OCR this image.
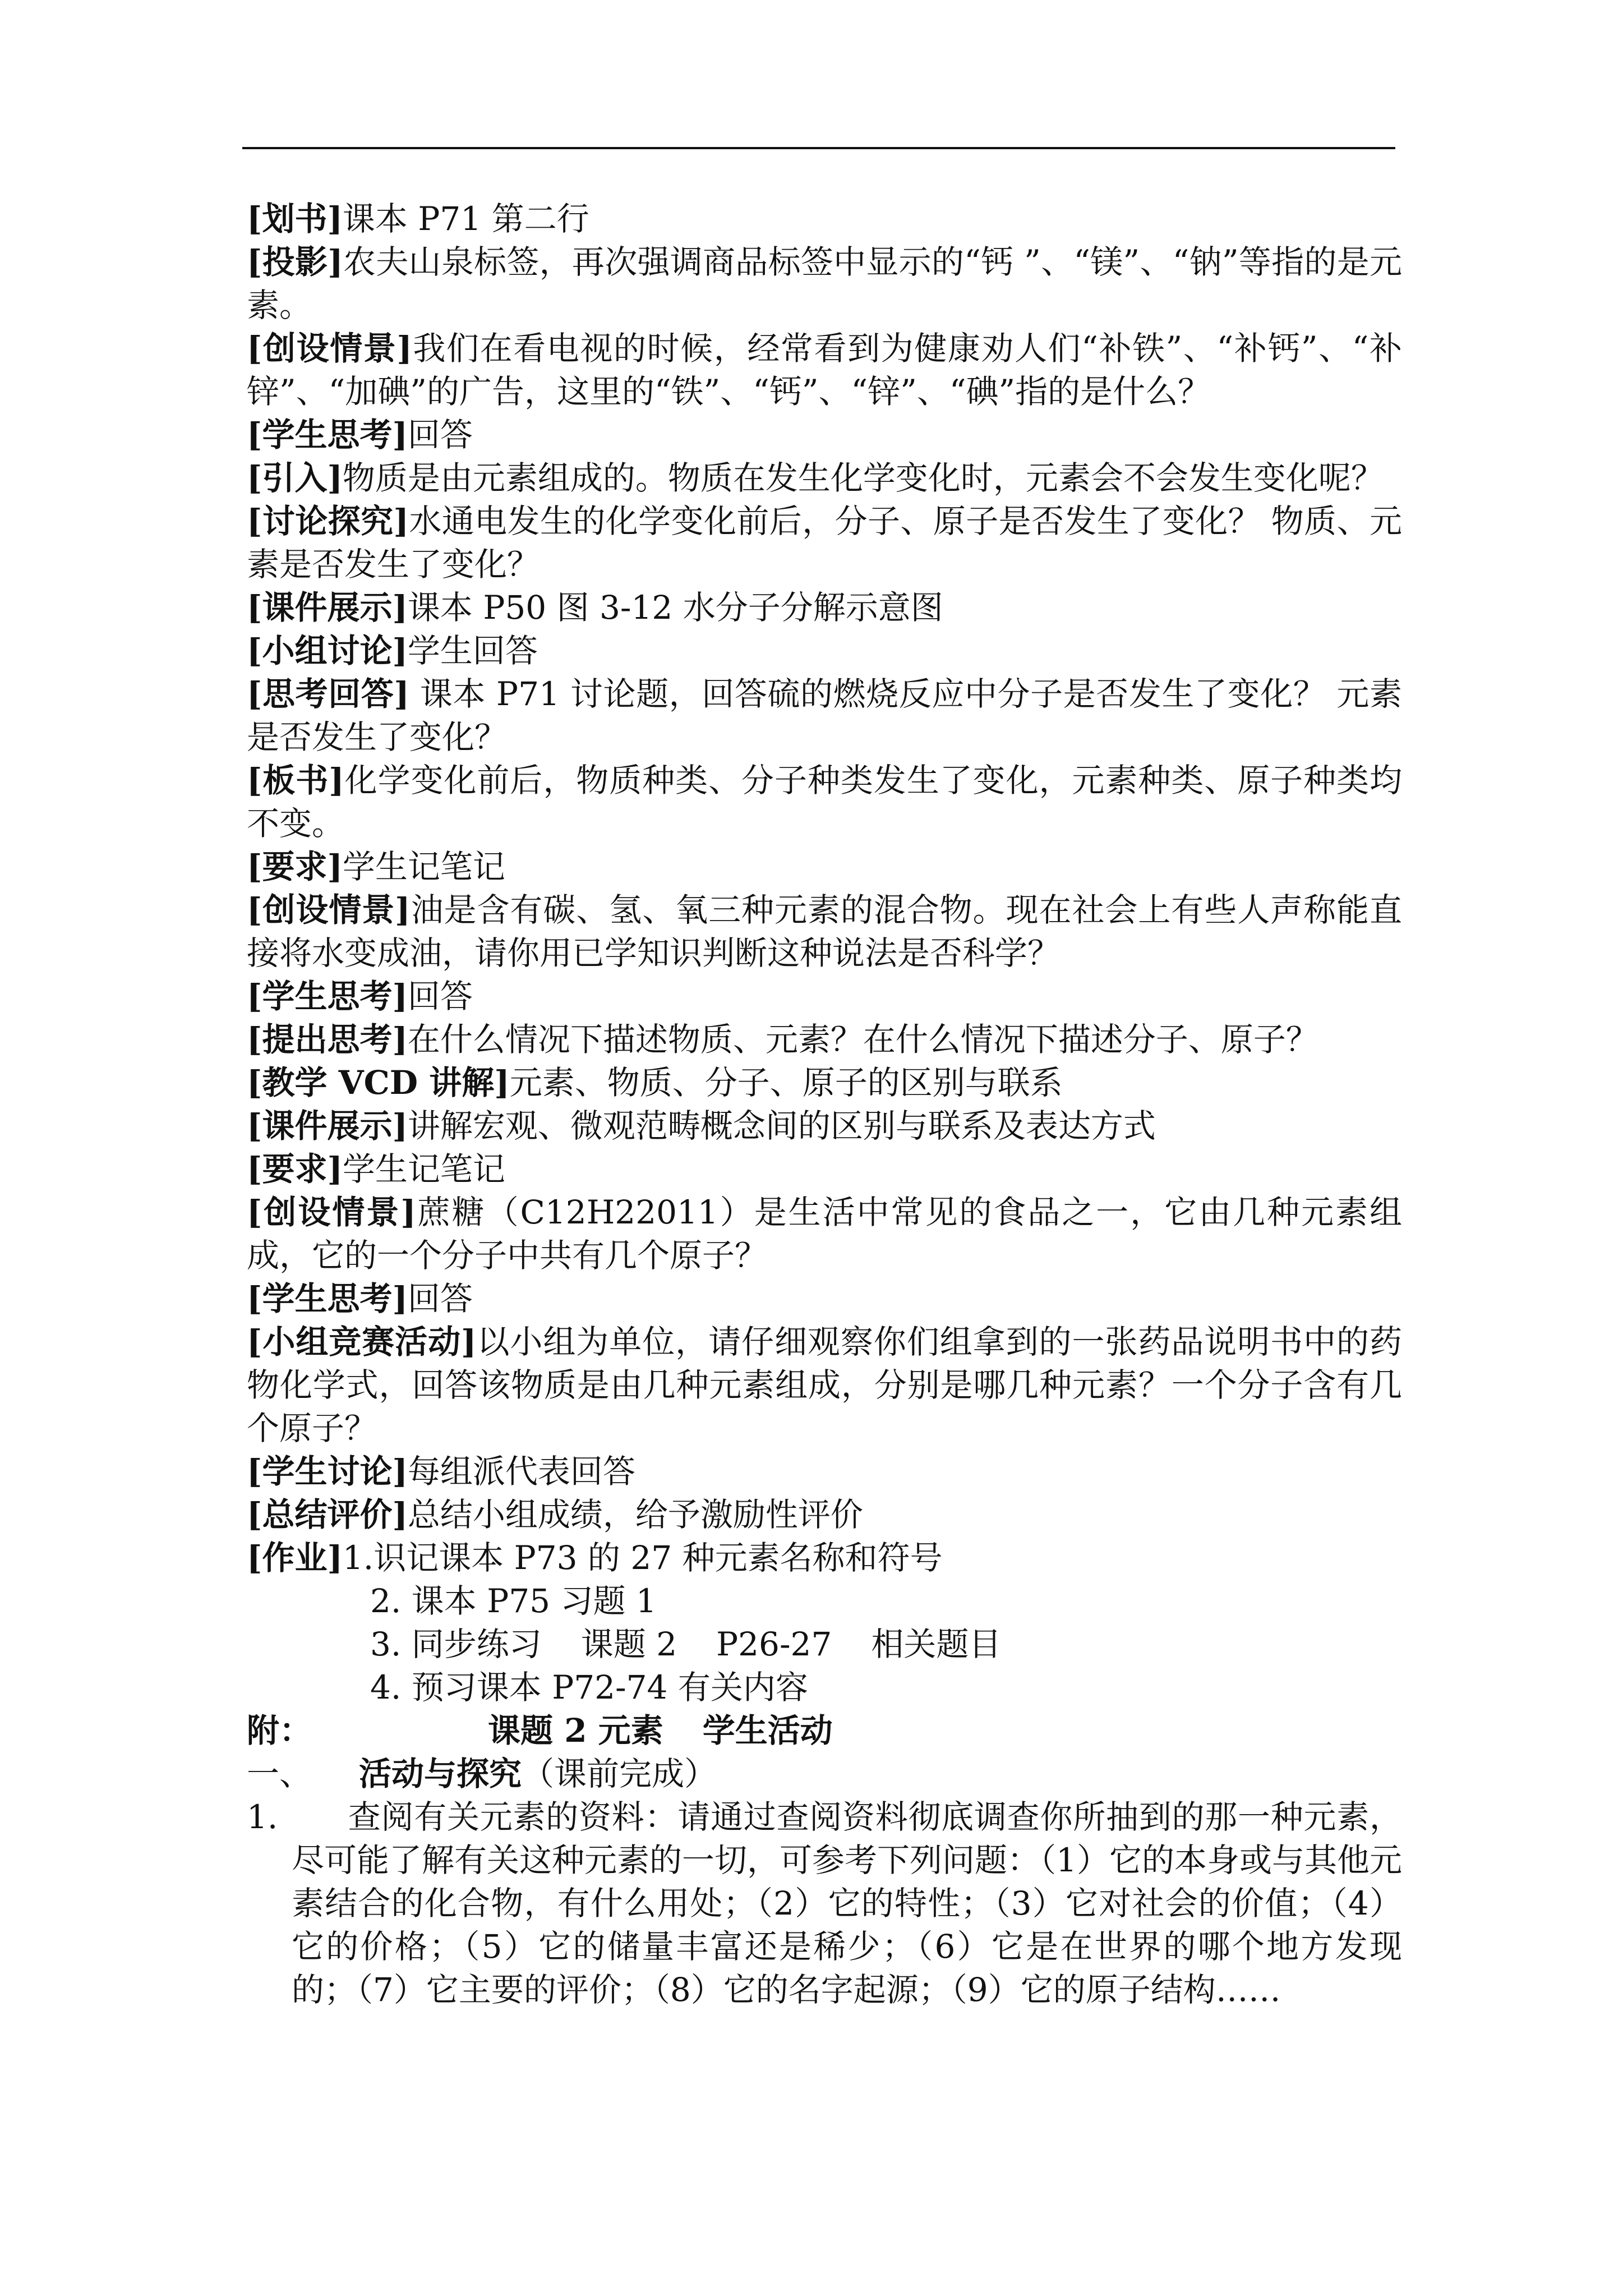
[划书]课本 P71 第二行

[投影]农夫山泉标签，再次强调商品标签中显示的“钙 ”、“镁”、“钠”等指的是元素。

[创设情景]我们在看电视的时候，经常看到为健康劝人们“补铁”、“补钙”、“补锌”、“加碘”的广告，这里的“铁”、“钙”、“锌”、“碘”指的是什么？

[学生思考]回答

[引入]物质是由元素组成的。物质在发生化学变化时，元素会不会发生变化呢？

[讨论探究]水通电发生的化学变化前后，分子、原子是否发生了变化？ 物质、元素是否发生了变化？

[课件展示]课本 P50 图 3-12 水分子分解示意图

[小组讨论]学生回答

[思考回答] 课本 P71 讨论题，回答硫的燃烧反应中分子是否发生了变化？ 元素是否发生了变化？

[板书]化学变化前后，物质种类、分子种类发生了变化，元素种类、原子种类均不变。

[要求]学生记笔记

[创设情景]油是含有碳、氢、氧三种元素的混合物。现在社会上有些人声称能直接将水变成油，请你用已学知识判断这种说法是否科学？

[学生思考]回答

[提出思考]在什么情况下描述物质、元素？在什么情况下描述分子、原子？

[教学 VCD 讲解]元素、物质、分子、原子的区别与联系

[课件展示]讲解宏观、微观范畴概念间的区别与联系及表达方式

[要求]学生记笔记

[创设情景]蔗糖（C12H22011）是生活中常见的食品之一，它由几种元素组成，它的一个分子中共有几个原子？

[学生思考]回答

[小组竞赛活动]以小组为单位，请仔细观察你们组拿到的一张药品说明书中的药物化学式，回答该物质是由几种元素组成，分别是哪几种元素？一个分子含有几个原子？

[学生讨论]每组派代表回答

[总结评价]总结小组成绩，给予激励性评价

[作业]1.识记课本 P73 的 27 种元素名称和符号

2. 课本 P75 习题 1

3. 同步练习 课题 2 P26-27 相关题目

4. 预习课本 P72-74 有关内容

附：	课题 2 元素 学生活动

一、 活动与探究（课前完成）

1. 查阅有关元素的资料：请通过查阅资料彻底调查你所抽到的那一种元素，尽可能了解有关这种元素的一切，可参考下列问题：（1）它的本身或与其他元素结合的化合物，有什么用处；（2）它的特性；（3）它对社会的价值；（4）它的价格；（5）它的储量丰富还是稀少；（6）它是在世界的哪个地方发现的；（7）它主要的评价；（8）它的名字起源；（9）它的原子结构……
